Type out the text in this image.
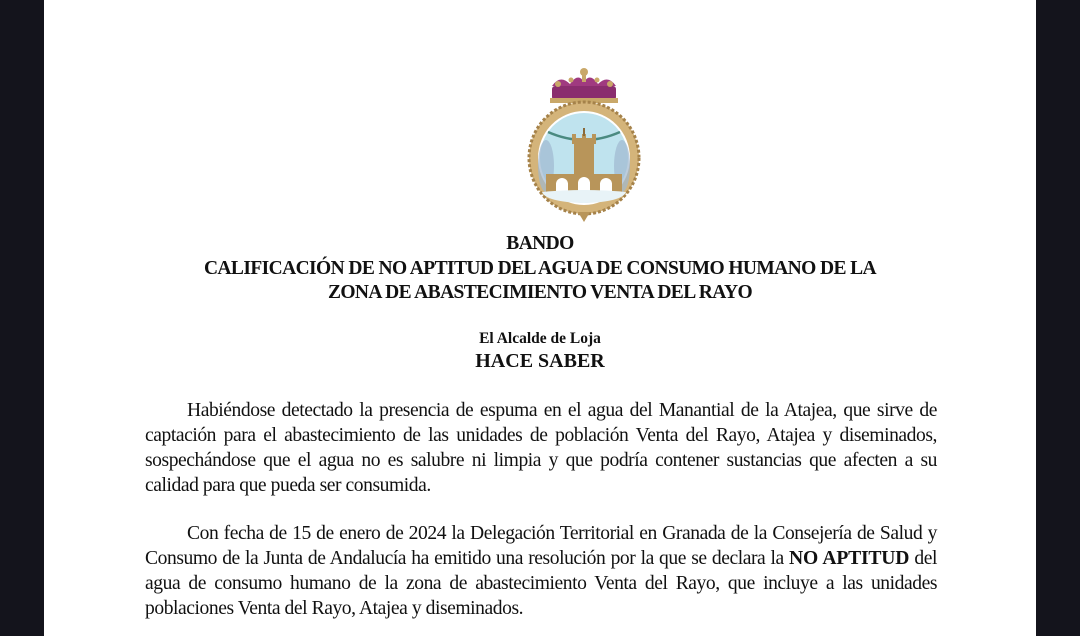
BANDO
CALIFICACIÓN DE NO APTITUD DEL AGUA DE CONSUMO HUMANO DE LA
ZONA DE ABASTECIMIENTO VENTA DEL RAYO
El Alcalde de Loja
HACE SABER

Habiéndose detectado la presencia de espuma en el agua del Manantial de la Atajea, que sirve de captación para el abastecimiento de las unidades de población Venta del Rayo, Atajea y diseminados, sospechándose que el agua no es salubre ni limpia y que podría contener sustancias que afecten a su calidad para que pueda ser consumida.

Con fecha de 15 de enero de 2024 la Delegación Territorial en Granada de la Consejería de Salud y Consumo de la Junta de Andalucía ha emitido una resolución por la que se declara la NO APTITUD del agua de consumo humano de la zona de abastecimiento Venta del Rayo, que incluye a las unidades poblaciones Venta del Rayo, Atajea y diseminados.
